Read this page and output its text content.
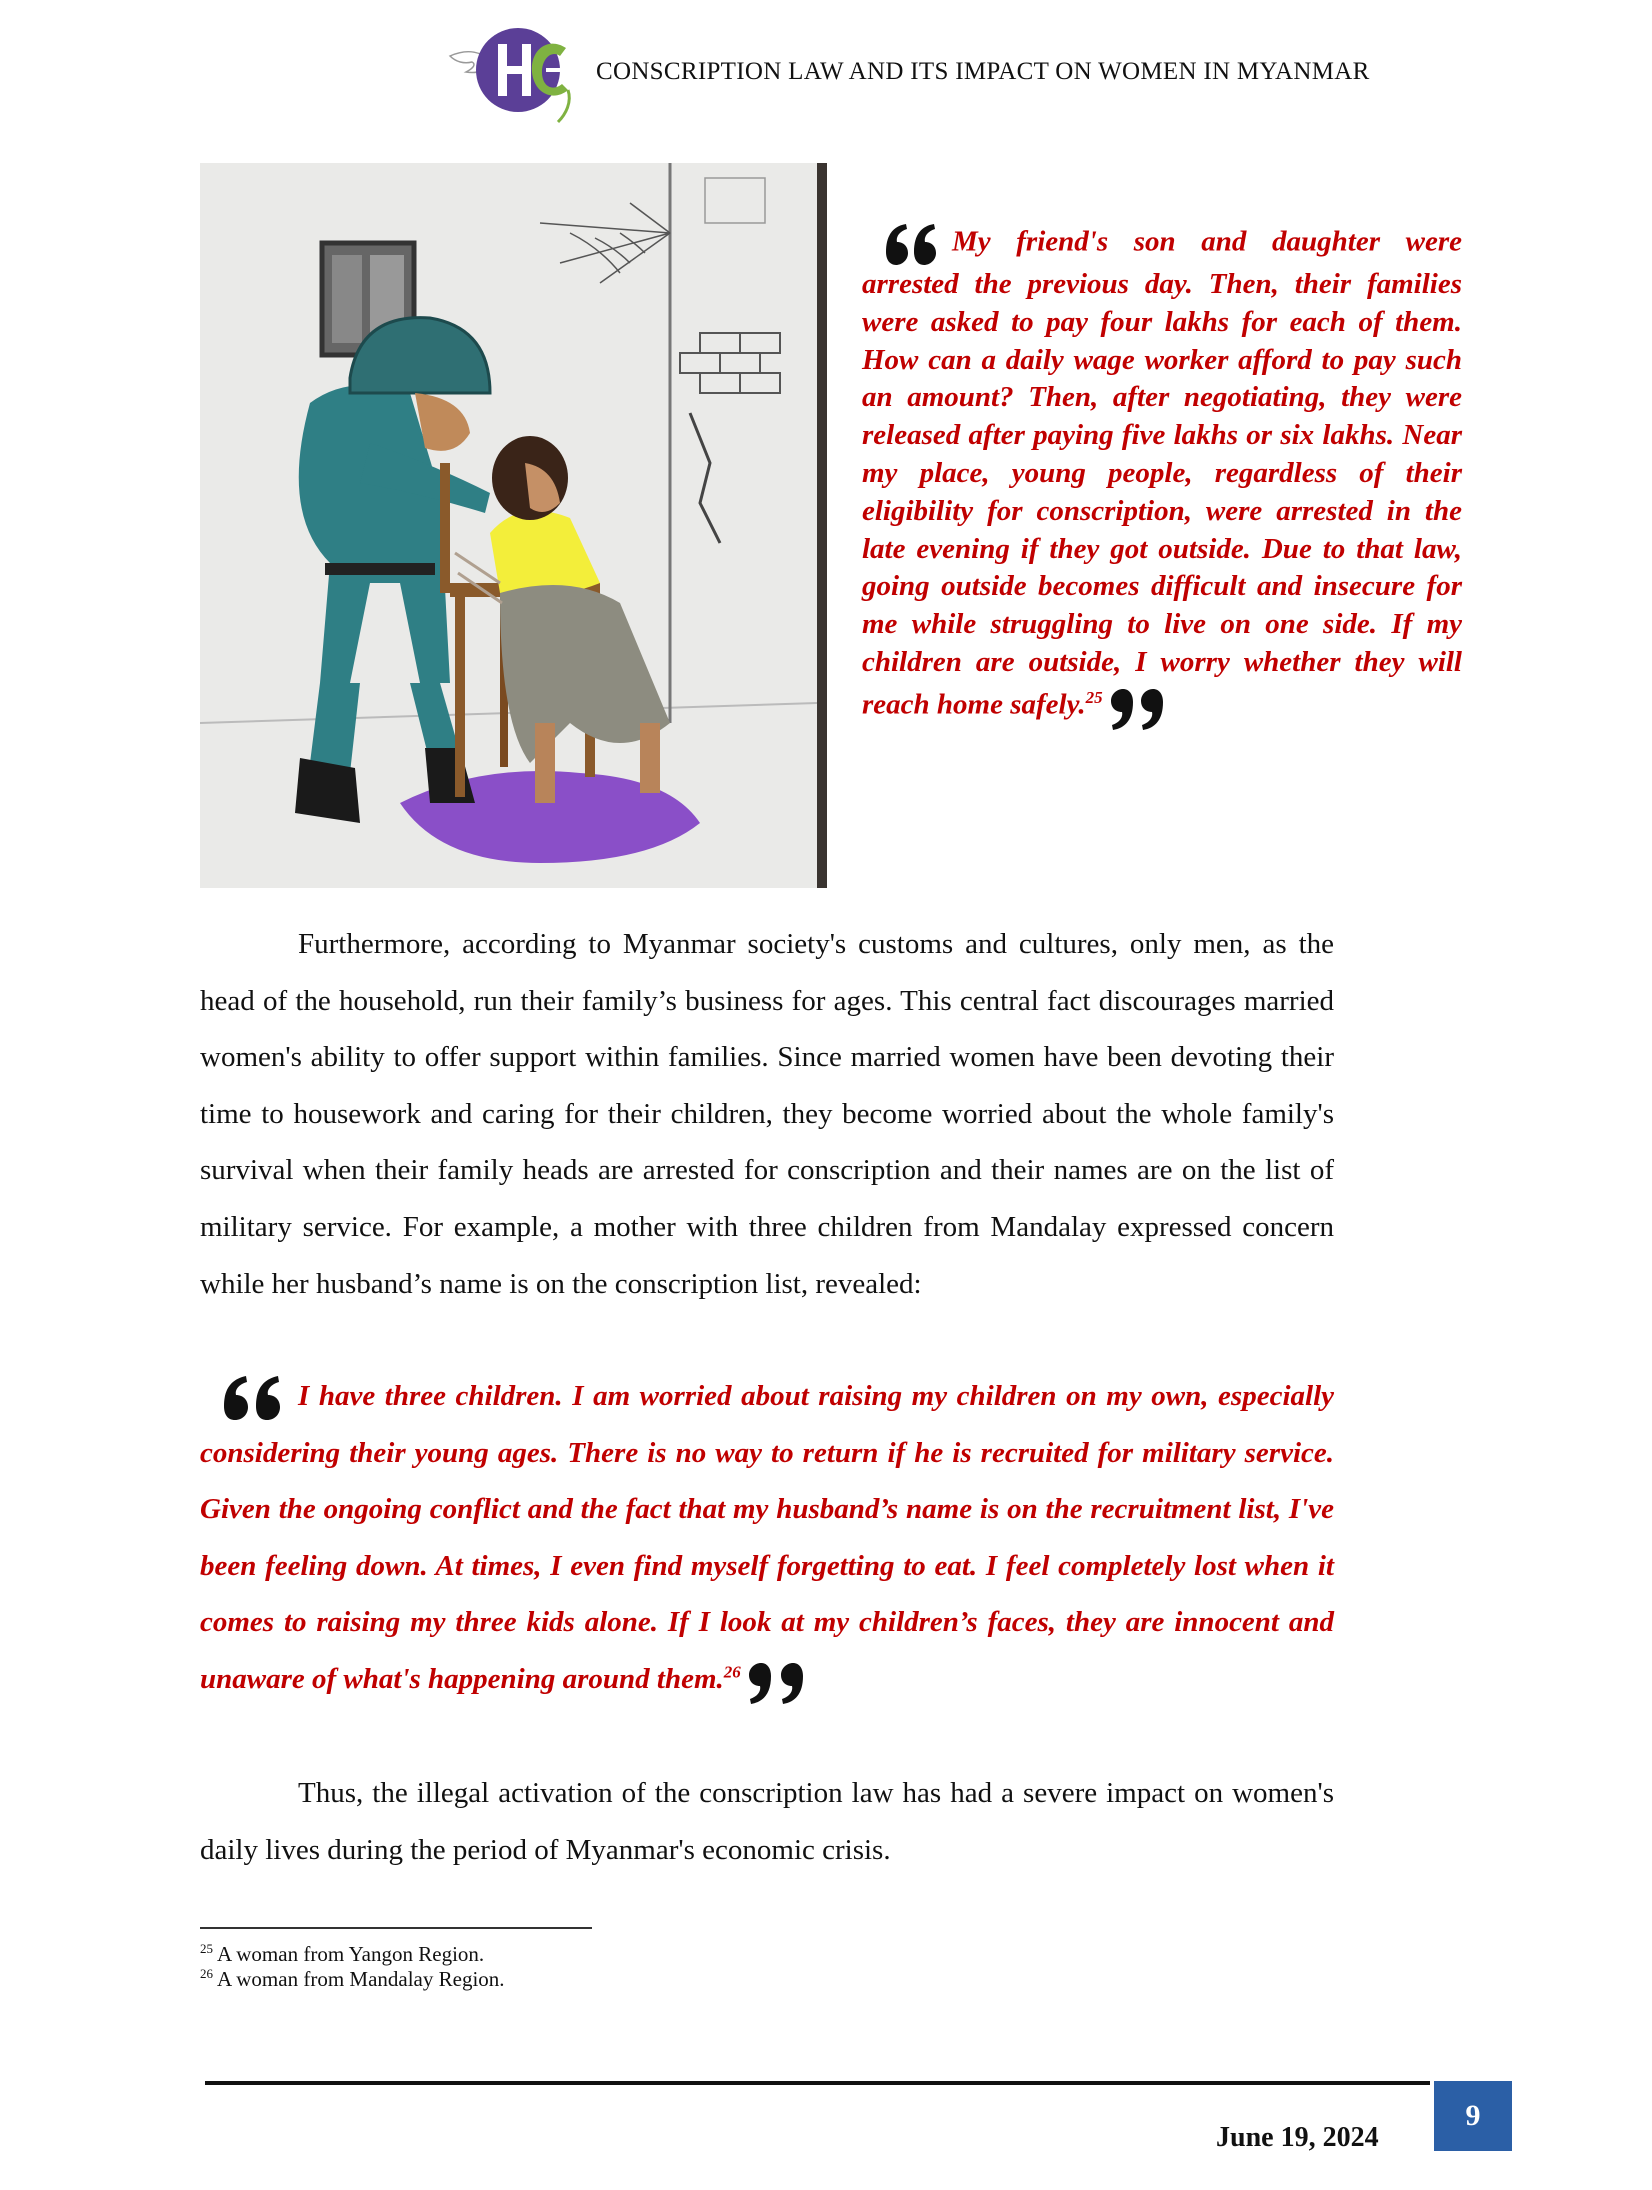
CONSCRIPTION LAW AND ITS IMPACT ON WOMEN IN MYANMAR
My friend's son and daughter were arrested the previous day. Then, their families were asked to pay four lakhs for each of them. How can a daily wage worker afford to pay such an amount? Then, after negotiating, they were released after paying five lakhs or six lakhs. Near my place, young people, regardless of their eligibility for conscription, were arrested in the late evening if they got outside. Due to that law, going outside becomes difficult and insecure for me while struggling to live on one side. If my children are outside, I worry whether they will reach home safely.$^{25}$
Furthermore, according to Myanmar society's customs and cultures, only men, as the head of the household, run their family’s business for ages. This central fact discourages married women's ability to offer support within families. Since married women have been devoting their time to housework and caring for their children, they become worried about the whole family's survival when their family heads are arrested for conscription and their names are on the list of military service. For example, a mother with three children from Mandalay expressed concern while her husband’s name is on the conscription list, revealed:
I have three children. I am worried about raising my children on my own, especially considering their young ages. There is no way to return if he is recruited for military service. Given the ongoing conflict and the fact that my husband’s name is on the recruitment list, I've been feeling down. At times, I even find myself forgetting to eat. I feel completely lost when it comes to raising my three kids alone. If I look at my children’s faces, they are innocent and unaware of what's happening around them.$^{26}$
Thus, the illegal activation of the conscription law has had a severe impact on women's daily lives during the period of Myanmar's economic crisis.
$^{25}$ A woman from Yangon Region.
$^{26}$ A woman from Mandalay Region.
June 19, 2024
9
